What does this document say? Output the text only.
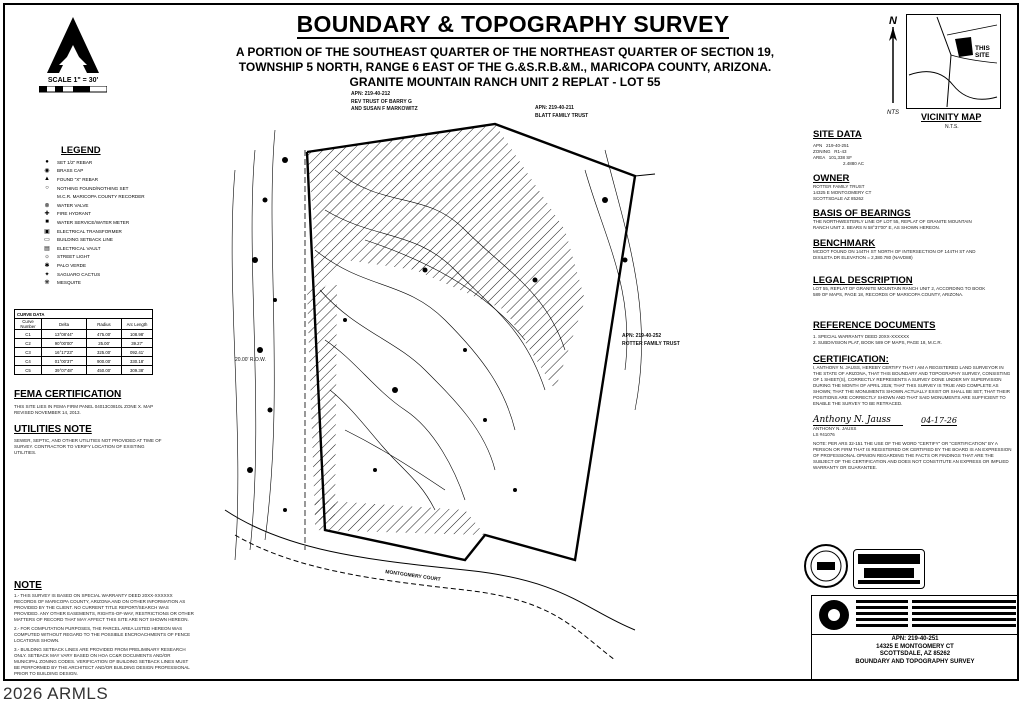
BOUNDARY & TOPOGRAPHY SURVEY
A PORTION OF THE SOUTHEAST QUARTER OF THE NORTHEAST QUARTER OF SECTION 19,
TOWNSHIP 5 NORTH, RANGE 6 EAST OF THE G.&S.R.B.&M., MARICOPA COUNTY, ARIZONA.
GRANITE MOUNTAIN RANCH UNIT 2 REPLAT - LOT 55
SCALE 1" = 30'
N
NTS
THIS SITE
VICINITY MAP
N.T.S.
LEGEND
●	SET 1/2" REBAR
◉	BRASS CAP
▲	FOUND "X" REBAR
○	NOTHING FOUND/NOTHING SET
M.C.R. MARICOPA COUNTY RECORDER
⊗	WATER VALVE
✚	FIRE HYDRANT
■	WATER SERVICE/WATER METER
▣	ELECTRICAL TRANSFORMER
▭	BUILDING SETBACK LINE
▤	ELECTRICAL VAULT
☼	STREET LIGHT
✱	PALO VERDE
✦	SAGUARO CACTUS
❋	MESQUITE
CURVE DATA			
Curve Number	Delta	Radius	Arc Length
C1	13°08'44"	475.00'	108.98'
C2	90°00'00"	25.00'	39.27'
C3	16°17'23"	325.00'	092.41'
C4	01°00'37"	900.00'	330.18'
C5	39°07'48"	450.00'	309.38'
FEMA CERTIFICATION
THIS SITE LIES IN FEMA FIRM PANEL 04013C0810L ZONE X. MAP REVISED NOVEMBER 14, 2013.
UTILITIES NOTE
SEWER, SEPTIC, AND OTHER UTILITIES NOT PROVIDED AT TIME OF SURVEY. CONTRACTOR TO VERIFY LOCATION OF EXISTING UTILITIES.
NOTE
1.- THIS SURVEY IS BASED ON SPECIAL WARRANTY DEED 20XX-XXXXXX RECORDS OF MARICOPA COUNTY, ARIZONA AND ON OTHER INFORMATION AS PROVIDED BY THE CLIENT. NO CURRENT TITLE REPORT/SEARCH WAS PROVIDED. ANY OTHER EASEMENTS, RIGHTS-OF-WAY, RESTRICTIONS OR OTHER MATTERS OF RECORD THAT MAY AFFECT THIS SITE ARE NOT SHOWN HEREON.
2.- FOR COMPUTATION PURPOSES, THE PARCEL AREA LISTED HEREON WAS COMPUTED WITHOUT REGARD TO THE POSSIBLE ENCROACHMENTS OF FENCE LOCATIONS SHOWN.
3.- BUILDING SETBACK LINES ARE PROVIDED FROM PRELIMINARY RESEARCH ONLY. SETBACK MAY VARY BASED ON HOA CC&R DOCUMENTS AND/OR MUNICIPAL ZONING CODES. VERIFICATION OF BUILDING SETBACK LINES MUST BE PERFORMED BY THE ARCHITECT AND/OR BUILDING DESIGN PROFESSIONAL PRIOR TO BUILDING DESIGN.
APN: 219-40-212
REV TRUST OF BARRY G AND SUSAN F MARKOWITZ	APN: 219-40-211
BLATT FAMILY TRUST
APN: 219-40-252
ROTTER FAMILY TRUST
MONTGOMERY COURT
20.00' R.O.W.
SITE DATA
APN 219-40-251
ZONING R1-43
AREA 101,338 SF
2.4880 AC
OWNER
ROTTER FAMILY TRUST
14325 E MONTGOMERY CT
SCOTTSDALE AZ 85262
BASIS OF BEARINGS
THE NORTHWESTERLY LINE OF LOT 55, REPLAT OF GRANITE MOUNTAIN RANCH UNIT 2. BEARS N 58°37'00" E, AS SHOWN HEREON.
BENCHMARK
MCDOT FOUND ON 144TH ST NORTH OF INTERSECTION OF 144TH ST AND DIXILETA DR ELEVATION = 2,380.780 (NAVD88)
LEGAL DESCRIPTION
LOT 55, REPLAT OF GRANITE MOUNTAIN RANCH UNIT 2, ACCORDING TO BOOK 589 OF MAPS, PAGE 18, RECORDS OF MARICOPA COUNTY, ARIZONA.
REFERENCE DOCUMENTS
1. SPECIAL WARRANTY DEED 20XX-XXXXXX
2. SUBDIVISION PLAT, BOOK 589 OF MAPS, PAGE 18, M.C.R.
CERTIFICATION:
I, ANTHONY N. JAUSS, HEREBY CERTIFY THAT I AM A REGISTERED LAND SURVEYOR IN THE STATE OF ARIZONA, THAT THIS BOUNDARY AND TOPOGRAPHY SURVEY, CONSISTING OF 1 SHEET(S), CORRECTLY REPRESENTS A SURVEY DONE UNDER MY SUPERVISION DURING THE MONTH OF APRIL 2026; THAT THIS SURVEY IS TRUE AND COMPLETE AS SHOWN; THAT THE MONUMENTS SHOWN ACTUALLY EXIST OR SHALL BE SET; THAT THEIR POSITIONS ARE CORRECTLY SHOWN AND THAT SAID MONUMENTS ARE SUFFICIENT TO ENABLE THE SURVEY TO BE RETRACED.
Anthony N. Jauss	04-17-26
ANTHONY N. JAUSS
LS #41076
NOTE: PER ARS 32-151 THE USE OF THE WORD "CERTIFY" OR "CERTIFICATION" BY A PERSON OR FIRM THAT IS REGISTERED OR CERTIFIED BY THE BOARD IS AN EXPRESSION OF PROFESSIONAL OPINION REGARDING THE FACTS OR FINDINGS THAT ARE THE SUBJECT OF THE CERTIFICATION AND DOES NOT CONSTITUTE AN EXPRESS OR IMPLIED WARRANTY OR GUARANTEE.
APN: 219-40-251
14325 E MONTGOMERY CT
SCOTTSDALE, AZ 85262
BOUNDARY AND TOPOGRAPHY SURVEY
2026 ARMLS
